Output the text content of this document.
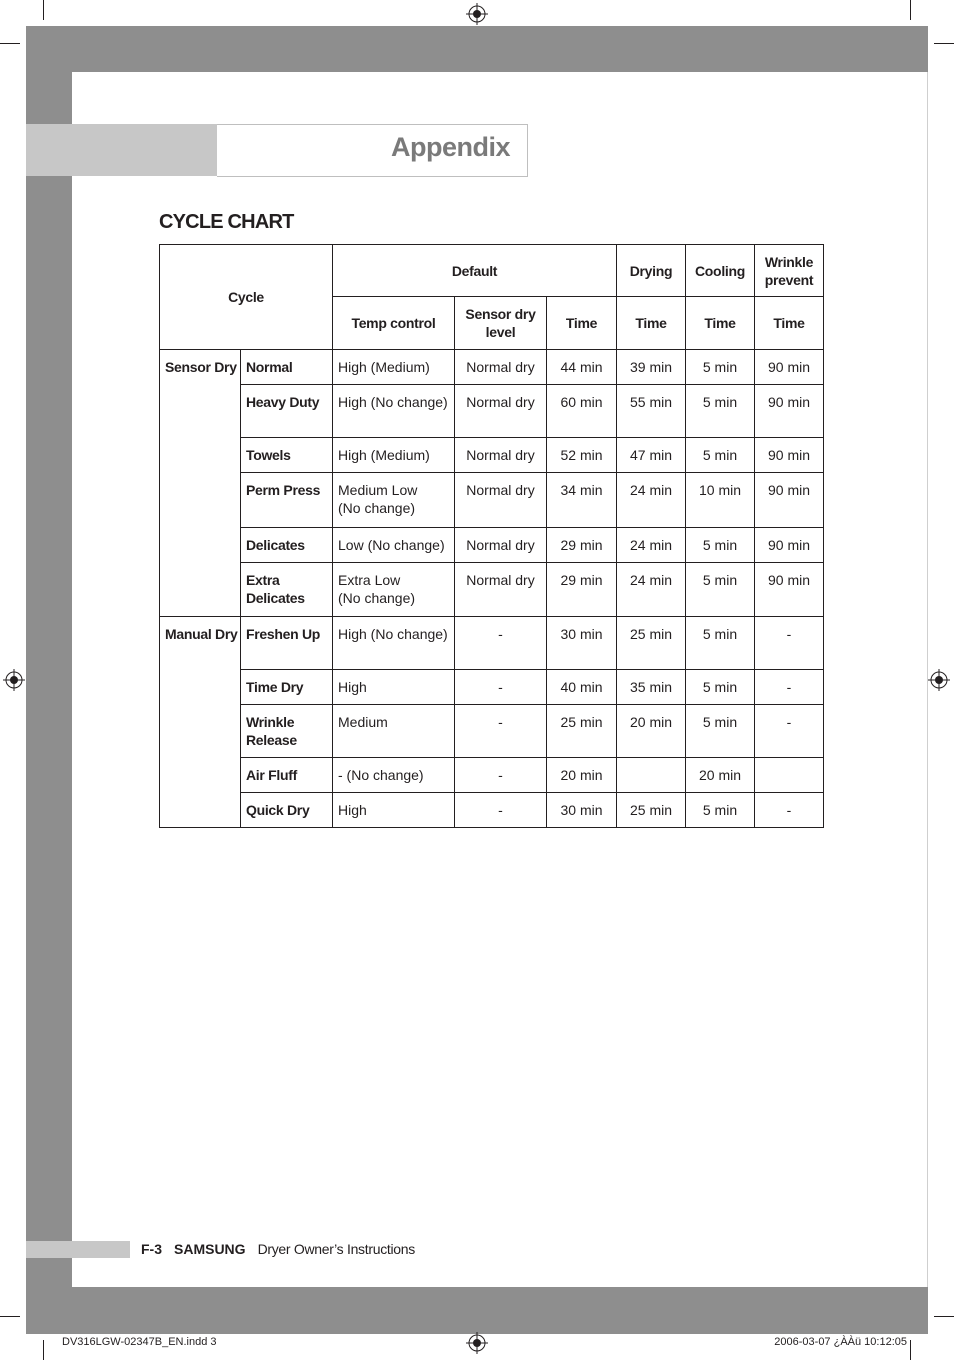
Appendix
CYCLE CHART
Cycle		Default			Drying	Cooling	Wrinkle prevent
		Temp control	Sensor dry level	Time	Time	Time	Time
Sensor Dry	Normal	High (Medium)	Normal dry	44 min	39 min	5 min	90 min
	Heavy Duty	High (No change)	Normal dry	60 min	55 min	5 min	90 min
	Towels	High (Medium)	Normal dry	52 min	47 min	5 min	90 min
	Perm Press	Medium Low
(No change)	Normal dry	34 min	24 min	10 min	90 min
	Delicates	Low (No change)	Normal dry	29 min	24 min	5 min	90 min
	Extra Delicates	Extra Low
(No change)	Normal dry	29 min	24 min	5 min	90 min
Manual Dry	Freshen Up	High (No change)	-	30 min	25 min	5 min	-
	Time Dry	High	-	40 min	35 min	5 min	-
	Wrinkle Release	Medium	-	25 min	20 min	5 min	-
	Air Fluff	- (No change)	-	20 min		20 min	
	Quick Dry	High	-	30 min	25 min	5 min	-
F-3 SAMSUNG Dryer Owner’s Instructions
DV316LGW-02347B_EN.indd 3	2006-03-07 ¿ÀÀü 10:12:05
